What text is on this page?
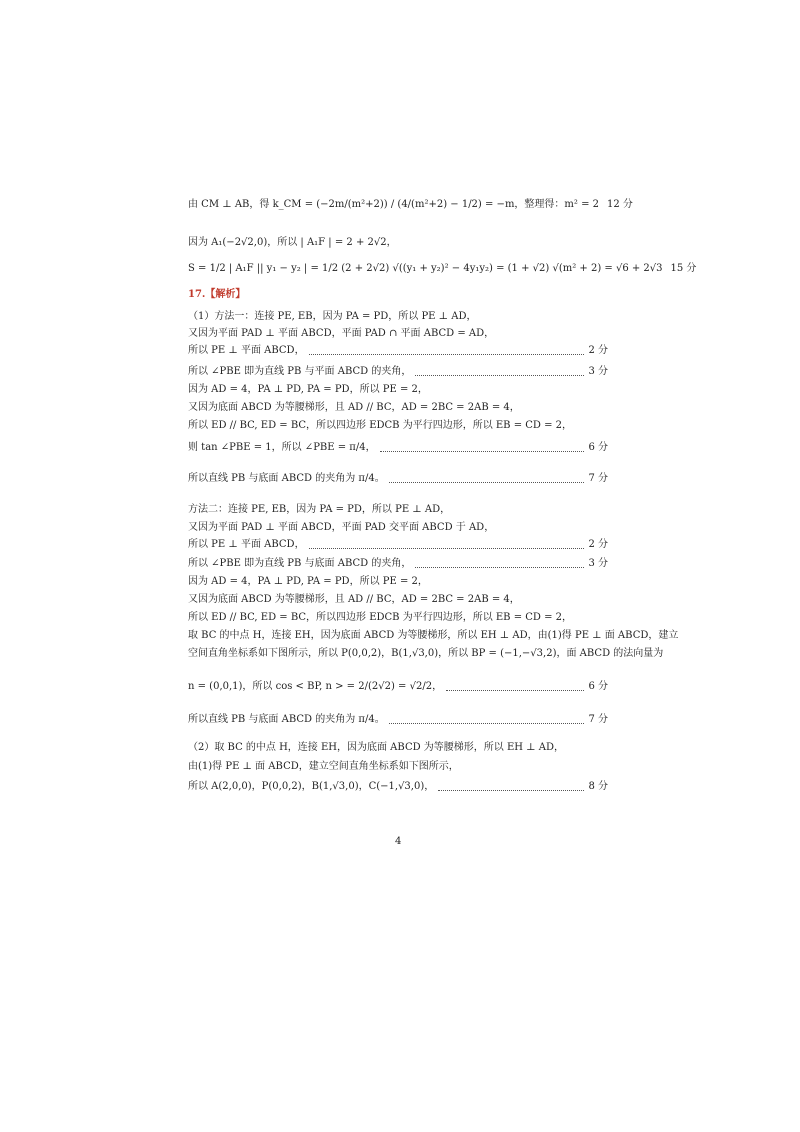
由 CM ⊥ AB，得 k_CM = (−2m/(m²+2)) / (4/(m²+2) − 1/2) = −m，整理得：m² = 2 12 分
因为 A₁(−2√2,0)，所以 | A₁F | = 2 + 2√2，
S = 1/2 | A₁F || y₁ − y₂ | = 1/2 (2 + 2√2) √((y₁ + y₂)² − 4y₁y₂) = (1 + √2) √(m² + 2) = √6 + 2√3 15 分
17.【解析】
（1）方法一：连接 PE, EB，因为 PA = PD，所以 PE ⊥ AD，
又因为平面 PAD ⊥ 平面 ABCD，平面 PAD ∩ 平面 ABCD = AD，
所以 PE ⊥ 平面 ABCD，	2 分
所以 ∠PBE 即为直线 PB 与平面 ABCD 的夹角，	3 分
因为 AD = 4，PA ⊥ PD, PA = PD，所以 PE = 2，
又因为底面 ABCD 为等腰梯形，且 AD // BC，AD = 2BC = 2AB = 4，
所以 ED // BC, ED = BC，所以四边形 EDCB 为平行四边形，所以 EB = CD = 2，
则 tan ∠PBE = 1，所以 ∠PBE = π/4，	6 分
所以直线 PB 与底面 ABCD 的夹角为 π/4。	7 分
方法二：连接 PE, EB，因为 PA = PD，所以 PE ⊥ AD，
又因为平面 PAD ⊥ 平面 ABCD，平面 PAD 交平面 ABCD 于 AD，
所以 PE ⊥ 平面 ABCD，	2 分
所以 ∠PBE 即为直线 PB 与底面 ABCD 的夹角，	3 分
因为 AD = 4，PA ⊥ PD, PA = PD，所以 PE = 2，
又因为底面 ABCD 为等腰梯形，且 AD // BC，AD = 2BC = 2AB = 4，
所以 ED // BC, ED = BC，所以四边形 EDCB 为平行四边形，所以 EB = CD = 2，
取 BC 的中点 H，连接 EH，因为底面 ABCD 为等腰梯形，所以 EH ⊥ AD，由(1)得 PE ⊥ 面 ABCD，建立
空间直角坐标系如下图所示，所以 P(0,0,2)，B(1,√3,0)，所以 BP = (−1,−√3,2)，面 ABCD 的法向量为
n = (0,0,1)，所以 cos < BP, n > = 2/(2√2) = √2/2，	6 分
所以直线 PB 与底面 ABCD 的夹角为 π/4。	7 分
（2）取 BC 的中点 H，连接 EH，因为底面 ABCD 为等腰梯形，所以 EH ⊥ AD，
由(1)得 PE ⊥ 面 ABCD，建立空间直角坐标系如下图所示，
所以 A(2,0,0)，P(0,0,2)，B(1,√3,0)，C(−1,√3,0)，	8 分
4
